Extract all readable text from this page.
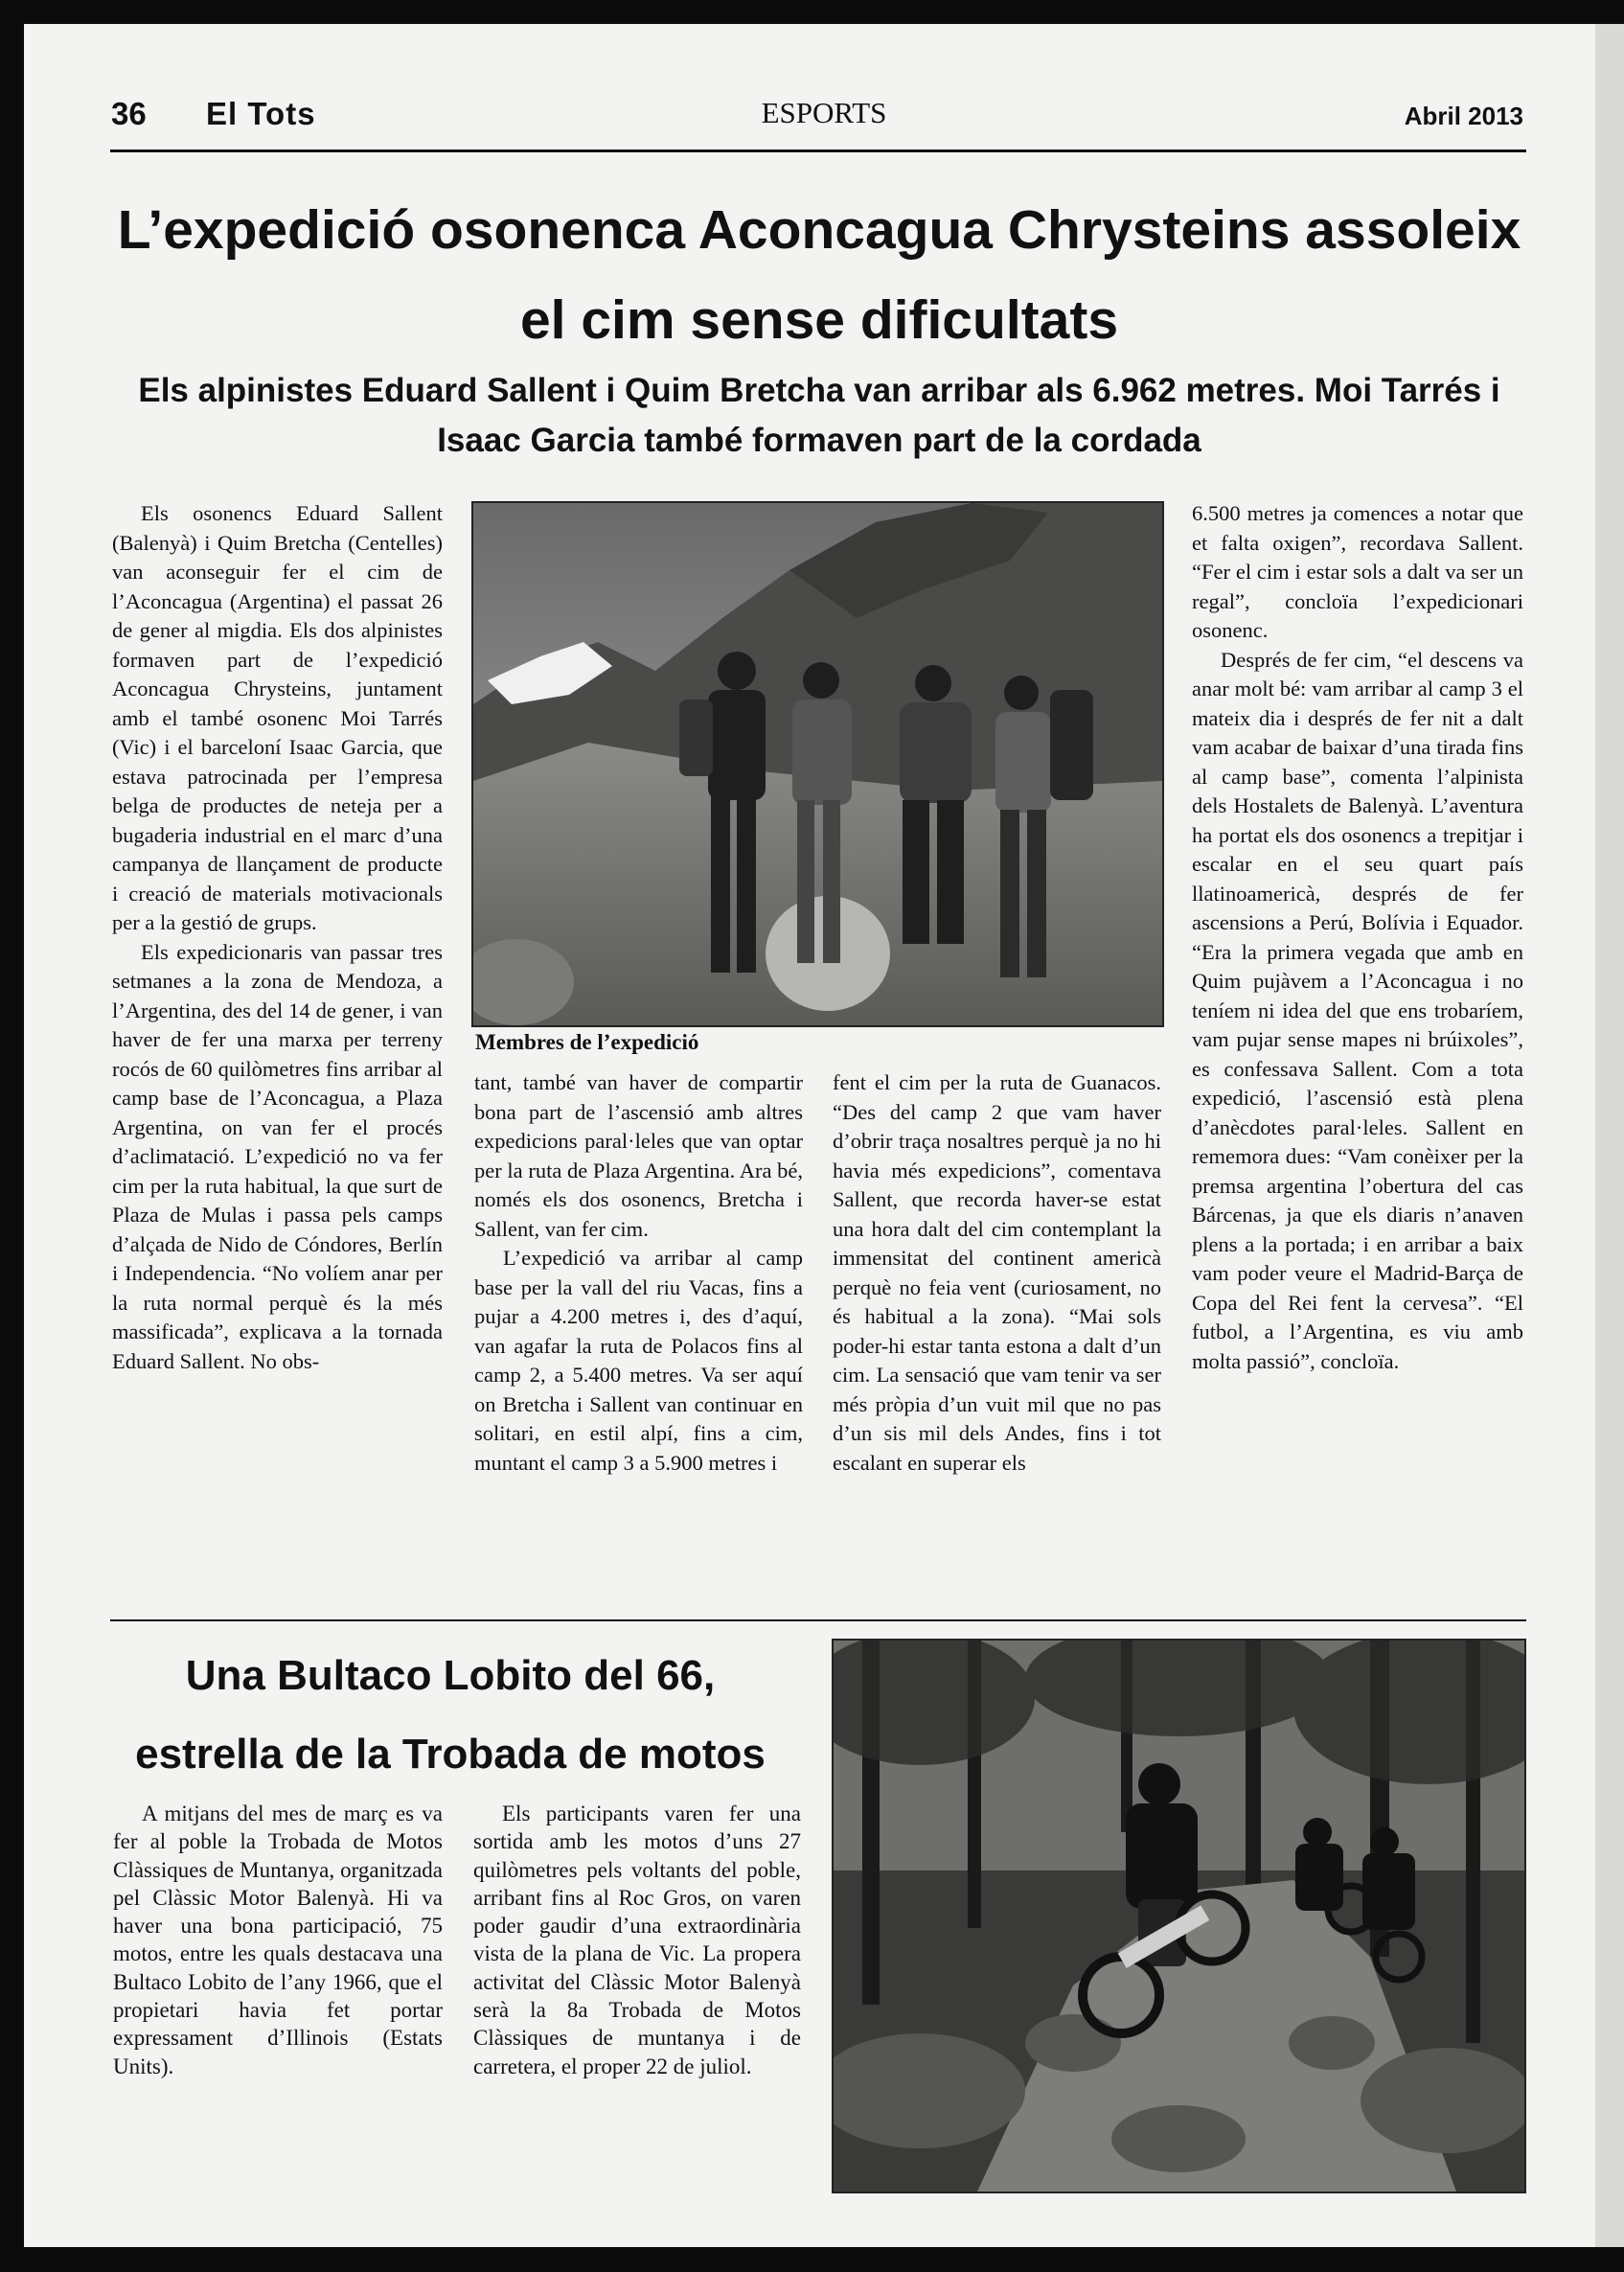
36 El Tots	ESPORTS	Abril 2013
L’expedició osonenca Aconcagua Chrysteins assoleix el cim sense dificultats
Els alpinistes Eduard Sallent i Quim Bretcha van arribar als 6.962 metres. Moi Tarrés i Isaac Garcia també formaven part de la cordada

Els osonencs Eduard Sallent (Balenyà) i Quim Bretcha (Centelles) van aconseguir fer el cim de l’Aconcagua (Argentina) el passat 26 de gener al migdia. Els dos alpinistes formaven part de l’expedició Aconcagua Chrysteins, juntament amb el també osonenc Moi Tarrés (Vic) i el barceloní Isaac Garcia, que estava patrocinada per l’empresa belga de productes de neteja per a bugaderia industrial en el marc d’una campanya de llançament de producte i creació de materials motivacionals per a la gestió de grups.

Els expedicionaris van passar tres setmanes a la zona de Mendoza, a l’Argentina, des del 14 de gener, i van haver de fer una marxa per terreny rocós de 60 quilòmetres fins arribar al camp base de l’Aconcagua, a Plaza Argentina, on van fer el procés d’aclimatació. L’expedició no va fer cim per la ruta habitual, la que surt de Plaza de Mulas i passa pels camps d’alçada de Nido de Cóndores, Berlín i Independencia. “No volíem anar per la ruta normal perquè és la més massificada”, explicava a la tornada Eduard Sallent. No obs-

Membres de l’expedició

tant, també van haver de compartir bona part de l’ascensió amb altres expedicions paral·leles que van optar per la ruta de Plaza Argentina. Ara bé, només els dos osonencs, Bretcha i Sallent, van fer cim.

L’expedició va arribar al camp base per la vall del riu Vacas, fins a pujar a 4.200 metres i, des d’aquí, van agafar la ruta de Polacos fins al camp 2, a 5.400 metres. Va ser aquí on Bretcha i Sallent van continuar en solitari, en estil alpí, fins a cim, muntant el camp 3 a 5.900 metres i

fent el cim per la ruta de Guanacos. “Des del camp 2 que vam haver d’obrir traça nosaltres perquè ja no hi havia més expedicions”, comentava Sallent, que recorda haver-se estat una hora dalt del cim contemplant la immensitat del continent americà perquè no feia vent (curiosament, no és habitual a la zona). “Mai sols poder-hi estar tanta estona a dalt d’un cim. La sensació que vam tenir va ser més pròpia d’un vuit mil que no pas d’un sis mil dels Andes, fins i tot escalant en superar els

6.500 metres ja comences a notar que et falta oxigen”, recordava Sallent. “Fer el cim i estar sols a dalt va ser un regal”, concloïa l’expedicionari osonenc.

Després de fer cim, “el descens va anar molt bé: vam arribar al camp 3 el mateix dia i després de fer nit a dalt vam acabar de baixar d’una tirada fins al camp base”, comenta l’alpinista dels Hostalets de Balenyà. L’aventura ha portat els dos osonencs a trepitjar i escalar en el seu quart país llatinoamericà, després de fer ascensions a Perú, Bolívia i Equador. “Era la primera vegada que amb en Quim pujàvem a l’Aconcagua i no teníem ni idea del que ens trobaríem, vam pujar sense mapes ni brúixoles”, es confessava Sallent. Com a tota expedició, l’ascensió està plena d’anècdotes paral·leles. Sallent en rememora dues: “Vam conèixer per la premsa argentina l’obertura del cas Bárcenas, ja que els diaris n’anaven plens a la portada; i en arribar a baix vam poder veure el Madrid-Barça de Copa del Rei fent la cervesa”. “El futbol, a l’Argentina, es viu amb molta passió”, concloïa.

Una Bultaco Lobito del 66,
estrella de la Trobada de motos

A mitjans del mes de març es va fer al poble la Trobada de Motos Clàssiques de Muntanya, organitzada pel Clàssic Motor Balenyà. Hi va haver una bona participació, 75 motos, entre les quals destacava una Bultaco Lobito de l’any 1966, que el propietari havia fet portar expressament d’Illinois (Estats Units).

Els participants varen fer una sortida amb les motos d’uns 27 quilòmetres pels voltants del poble, arribant fins al Roc Gros, on varen poder gaudir d’una extraordinària vista de la plana de Vic. La propera activitat del Clàssic Motor Balenyà serà la 8a Trobada de Motos Clàssiques de muntanya i de carretera, el proper 22 de juliol.
